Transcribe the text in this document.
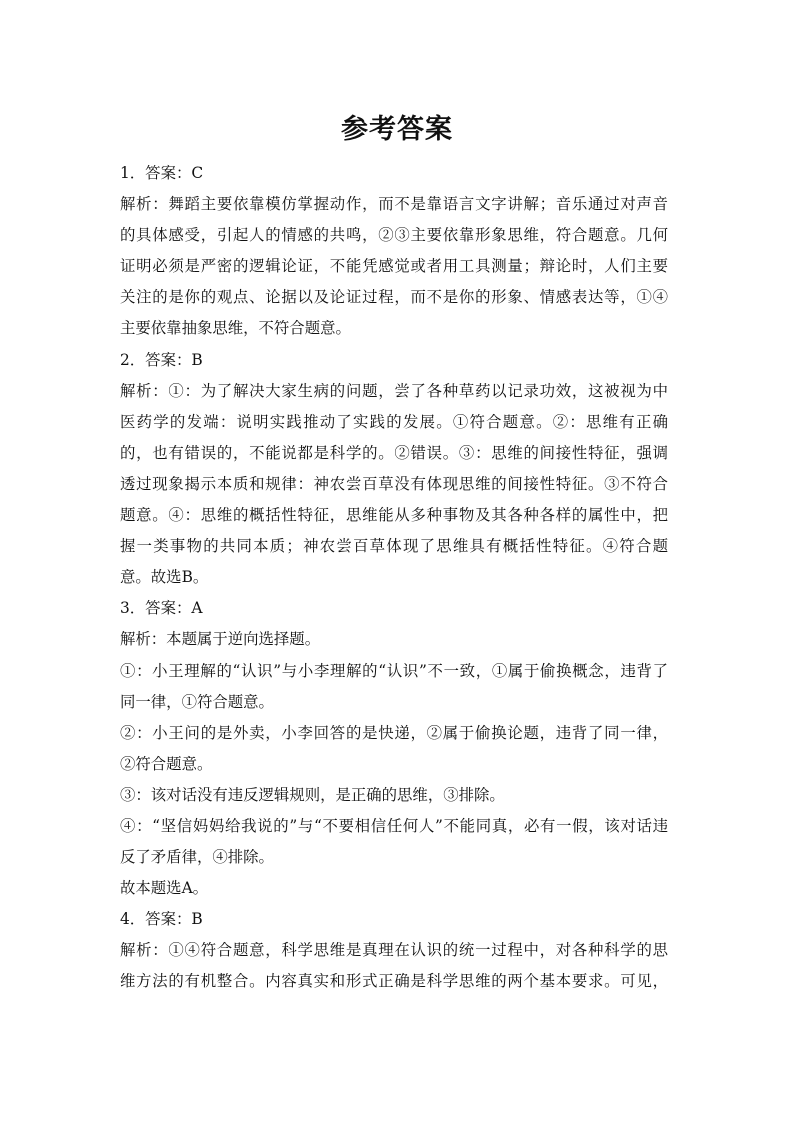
参考答案
1．答案：C
解析：舞蹈主要依靠模仿掌握动作，而不是靠语言文字讲解；音乐通过对声音
的具体感受，引起人的情感的共鸣，②③主要依靠形象思维，符合题意。几何
证明必须是严密的逻辑论证，不能凭感觉或者用工具测量；辩论时，人们主要
关注的是你的观点、论据以及论证过程，而不是你的形象、情感表达等，①④
主要依靠抽象思维，不符合题意。
2．答案：B
解析：①：为了解决大家生病的问题，尝了各种草药以记录功效，这被视为中
医药学的发端：说明实践推动了实践的发展。①符合题意。②：思维有正确
的，也有错误的，不能说都是科学的。②错误。③：思维的间接性特征，强调
透过现象揭示本质和规律：神农尝百草没有体现思维的间接性特征。③不符合
题意。④：思维的概括性特征，思维能从多种事物及其各种各样的属性中，把
握一类事物的共同本质；神农尝百草体现了思维具有概括性特征。④符合题
意。故选B。
3．答案：A
解析：本题属于逆向选择题。
①：小王理解的“认识”与小李理解的“认识”不一致，①属于偷换概念，违背了
同一律，①符合题意。
②：小王问的是外卖，小李回答的是快递，②属于偷换论题，违背了同一律，
②符合题意。
③：该对话没有违反逻辑规则，是正确的思维，③排除。
④：“坚信妈妈给我说的”与“不要相信任何人”不能同真，必有一假，该对话违
反了矛盾律，④排除。
故本题选A。
4．答案：B
解析：①④符合题意，科学思维是真理在认识的统一过程中，对各种科学的思
维方法的有机整合。内容真实和形式正确是科学思维的两个基本要求。可见，
